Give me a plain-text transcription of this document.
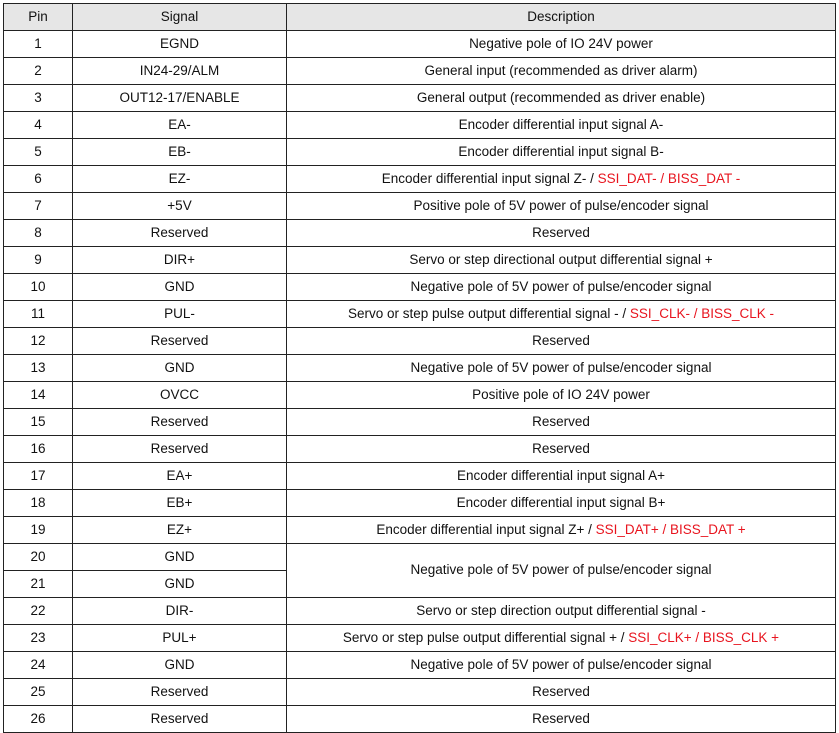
Pin	Signal	Description
1	EGND	Negative pole of IO 24V power
2	IN24-29/ALM	General input (recommended as driver alarm)
3	OUT12-17/ENABLE	General output (recommended as driver enable)
4	EA-	Encoder differential input signal A-
5	EB-	Encoder differential input signal B-
6	EZ-	Encoder differential input signal Z- / SSI_DAT- / BISS_DAT -
7	+5V	Positive pole of 5V power of pulse/encoder signal
8	Reserved	Reserved
9	DIR+	Servo or step directional output differential signal +
10	GND	Negative pole of 5V power of pulse/encoder signal
11	PUL-	Servo or step pulse output differential signal - / SSI_CLK- / BISS_CLK -
12	Reserved	Reserved
13	GND	Negative pole of 5V power of pulse/encoder signal
14	OVCC	Positive pole of IO 24V power
15	Reserved	Reserved
16	Reserved	Reserved
17	EA+	Encoder differential input signal A+
18	EB+	Encoder differential input signal B+
19	EZ+	Encoder differential input signal Z+ / SSI_DAT+ / BISS_DAT +
20	GND	Negative pole of 5V power of pulse/encoder signal
21	GND	
22	DIR-	Servo or step direction output differential signal -
23	PUL+	Servo or step pulse output differential signal + / SSI_CLK+ / BISS_CLK +
24	GND	Negative pole of 5V power of pulse/encoder signal
25	Reserved	Reserved
26	Reserved	Reserved
